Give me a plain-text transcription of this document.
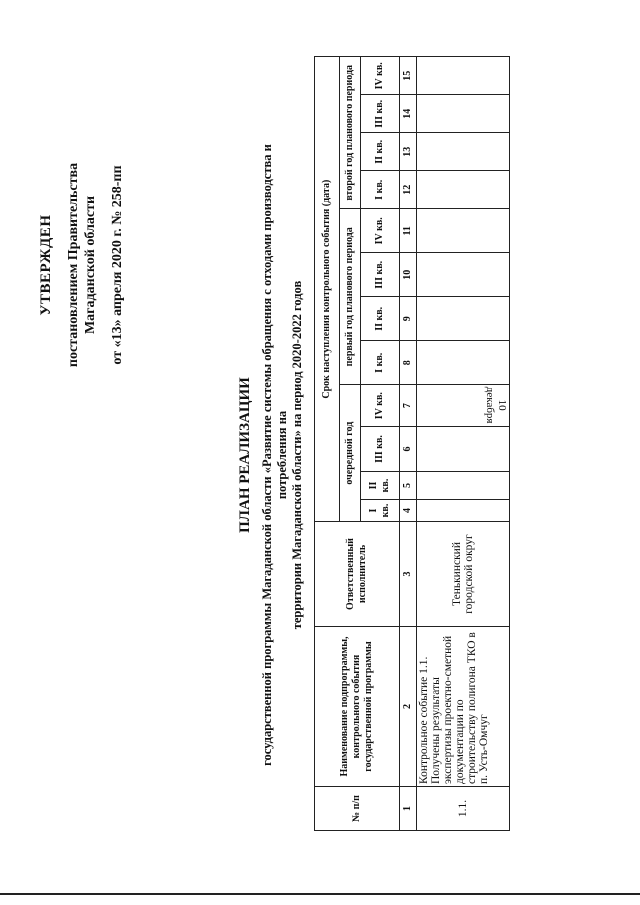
УТВЕРЖДЕН постановлением Правительства Магаданской области от «13» апреля 2020 г. № 258-пп
ПЛАН РЕАЛИЗАЦИИ государственной программы Магаданской области «Развитие системы обращения с отходами производства и потребления на территории Магаданской области» на период 2020-2022 годов
№ п/п	Наименование подпрограммы, контрольного события государственной программы	Ответственный исполнитель	Срок наступления контрольного события (дата)											
			очередной год				первый год планового периода				второй год планового периода			
			I кв.	II кв.	III кв.	IV кв.	I кв.	II кв.	III кв.	IV кв.	I кв.	II кв.	III кв.	IV кв.
1	2	3	4	5	6	7	8	9	10	11	12	13	14	15
1.1.	Контрольное событие 1.1. Получены результаты экспертизы проектно-сметной документации по строительству полигона ТКО в п. Усть-Омчуг	Тенькинский городской округ				10 декабря								
